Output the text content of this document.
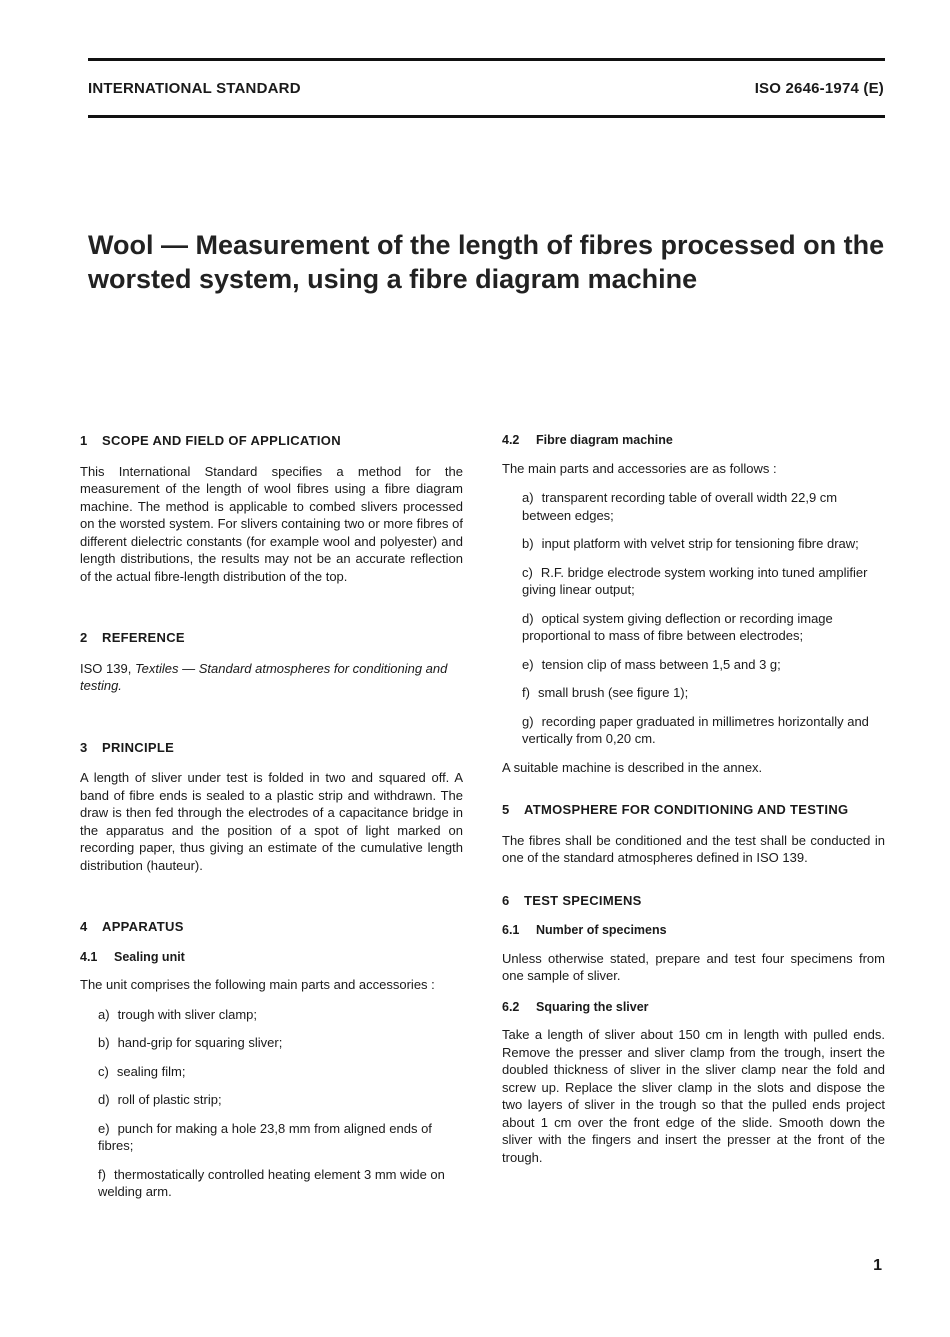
INTERNATIONAL STANDARD	ISO 2646-1974 (E)
Wool — Measurement of the length of fibres processed on the worsted system, using a fibre diagram machine
1 SCOPE AND FIELD OF APPLICATION

This International Standard specifies a method for the measurement of the length of wool fibres using a fibre diagram machine. The method is applicable to combed slivers processed on the worsted system. For slivers containing two or more fibres of different dielectric constants (for example wool and polyester) and length distributions, the results may not be an accurate reflection of the actual fibre-length distribution of the top.

2 REFERENCE

ISO 139, Textiles — Standard atmospheres for conditioning and testing.

3 PRINCIPLE

A length of sliver under test is folded in two and squared off. A band of fibre ends is sealed to a plastic strip and withdrawn. The draw is then fed through the electrodes of a capacitance bridge in the apparatus and the position of a spot of light marked on recording paper, thus giving an estimate of the cumulative length distribution (hauteur).

4 APPARATUS
4.1 Sealing unit

The unit comprises the following main parts and accessories :

a) trough with sliver clamp;
b) hand-grip for squaring sliver;
c) sealing film;
d) roll of plastic strip;
e) punch for making a hole 23,8 mm from aligned ends of fibres;
f) thermostatically controlled heating element 3 mm wide on welding arm.
4.2 Fibre diagram machine

The main parts and accessories are as follows :

a) transparent recording table of overall width 22,9 cm between edges;
b) input platform with velvet strip for tensioning fibre draw;
c) R.F. bridge electrode system working into tuned amplifier giving linear output;
d) optical system giving deflection or recording image proportional to mass of fibre between electrodes;
e) tension clip of mass between 1,5 and 3 g;
f) small brush (see figure 1);
g) recording paper graduated in millimetres horizontally and vertically from 0,20 cm.

A suitable machine is described in the annex.

5 ATMOSPHERE FOR CONDITIONING AND TESTING

The fibres shall be conditioned and the test shall be conducted in one of the standard atmospheres defined in ISO 139.

6 TEST SPECIMENS
6.1 Number of specimens

Unless otherwise stated, prepare and test four specimens from one sample of sliver.

6.2 Squaring the sliver

Take a length of sliver about 150 cm in length with pulled ends. Remove the presser and sliver clamp from the trough, insert the doubled thickness of sliver in the sliver clamp near the fold and screw up. Replace the sliver clamp in the slots and dispose the two layers of sliver in the trough so that the pulled ends project about 1 cm over the front edge of the slide. Smooth down the sliver with the fingers and insert the presser at the front of the trough.

1
